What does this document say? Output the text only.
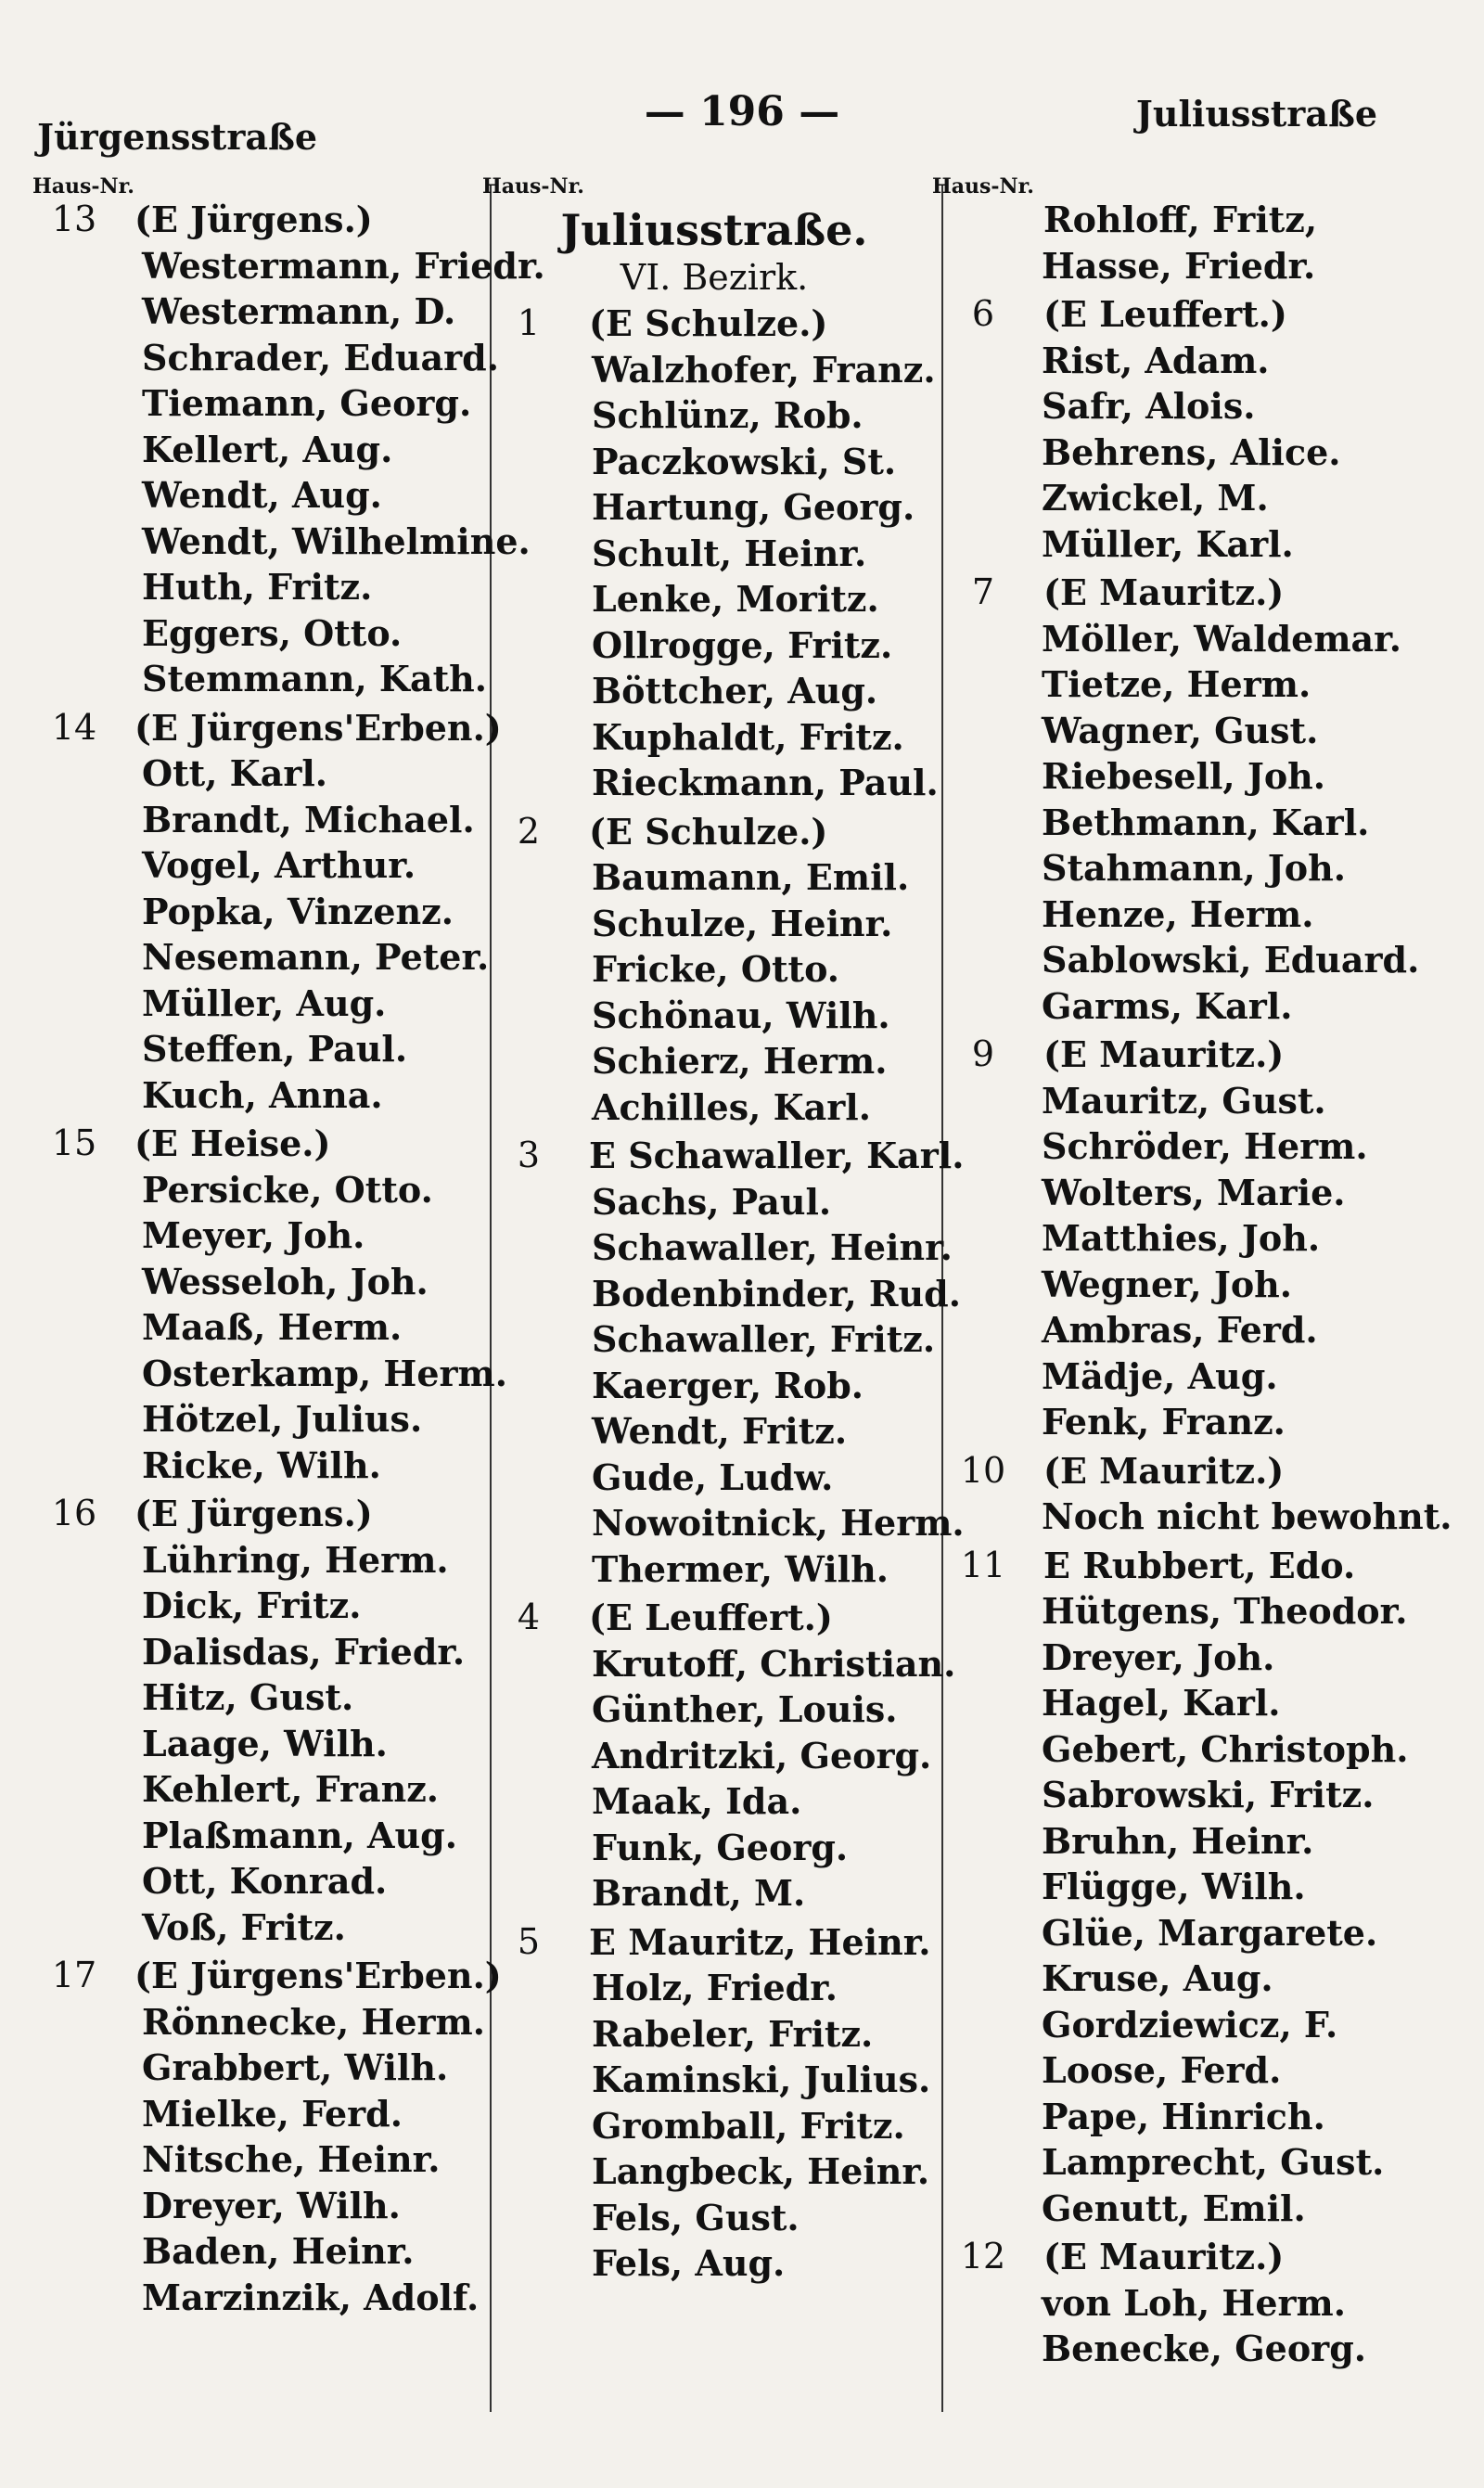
Jürgensstraße
— 196 —	Juliusstraße
Haus-Nr.
13 (E Jürgens.)
Westermann, Friedr.
Westermann, D.
Schrader, Eduard.
Tiemann, Georg.
Kellert, Aug.
Wendt, Aug.
Wendt, Wilhelmine.
Huth, Fritz.
Eggers, Otto.
Stemmann, Kath.
14 (E Jürgens'Erben.)
Ott, Karl.
Brandt, Michael.
Vogel, Arthur.
Popka, Vinzenz.
Nesemann, Peter.
Müller, Aug.
Steffen, Paul.
Kuch, Anna.
15 (E Heise.)
Persicke, Otto.
Meyer, Joh.
Wesseloh, Joh.
Maaß, Herm.
Osterkamp, Herm.
Hötzel, Julius.
Ricke, Wilh.
16 (E Jürgens.)
Lühring, Herm.
Dick, Fritz.
Dalisdas, Friedr.
Hitz, Gust.
Laage, Wilh.
Kehlert, Franz.
Plaßmann, Aug.
Ott, Konrad.
Voß, Fritz.
17 (E Jürgens'Erben.)
Rönnecke, Herm.
Grabbert, Wilh.
Mielke, Ferd.
Nitsche, Heinr.
Dreyer, Wilh.
Baden, Heinr.
Marzinzik, Adolf.
Haus-Nr.
Juliusstraße.
VI. Bezirk.
1	(E Schulze.)
Walzhofer, Franz.
Schlünz, Rob.
Paczkowski, St.
Hartung, Georg.
Schult, Heinr.
Lenke, Moritz.
Ollrogge, Fritz.
Böttcher, Aug.
Kuphaldt, Fritz.
Rieckmann, Paul.
2	(E Schulze.)
Baumann, Emil.
Schulze, Heinr.
Fricke, Otto.
Schönau, Wilh.
Schierz, Herm.
Achilles, Karl.
3	E Schawaller, Karl.
Sachs, Paul.
Schawaller, Heinr.
Bodenbinder, Rud.
Schawaller, Fritz.
Kaerger, Rob.
Wendt, Fritz.
Gude, Ludw.
Nowoitnick, Herm.
Thermer, Wilh.
4	(E Leuffert.)
Krutoff, Christian.
Günther, Louis.
Andritzki, Georg.
Maak, Ida.
Funk, Georg.
Brandt, M.
5	E Mauritz, Heinr.
Holz, Friedr.
Rabeler, Fritz.
Kaminski, Julius.
Gromball, Fritz.
Langbeck, Heinr.
Fels, Gust.
Fels, Aug.
Haus-Nr.
Rohloff, Fritz,
Hasse, Friedr.
6	(E Leuffert.)
Rist, Adam.
Safr, Alois.
Behrens, Alice.
Zwickel, M.
Müller, Karl.
7	(E Mauritz.)
Möller, Waldemar.
Tietze, Herm.
Wagner, Gust.
Riebesell, Joh.
Bethmann, Karl.
Stahmann, Joh.
Henze, Herm.
Sablowski, Eduard.
Garms, Karl.
9	(E Mauritz.)
Mauritz, Gust.
Schröder, Herm.
Wolters, Marie.
Matthies, Joh.
Wegner, Joh.
Ambras, Ferd.
Mädje, Aug.
Fenk, Franz.
10 (E Mauritz.)
Noch nicht bewohnt.
11 E Rubbert, Edo.
Hütgens, Theodor.
Dreyer, Joh.
Hagel, Karl.
Gebert, Christoph.
Sabrowski, Fritz.
Bruhn, Heinr.
Flügge, Wilh.
Glüe, Margarete.
Kruse, Aug.
Gordziewicz, F.
Loose, Ferd.
Pape, Hinrich.
Lamprecht, Gust.
Genutt, Emil.
12 (E Mauritz.)
von Loh, Herm.
Benecke, Georg.
